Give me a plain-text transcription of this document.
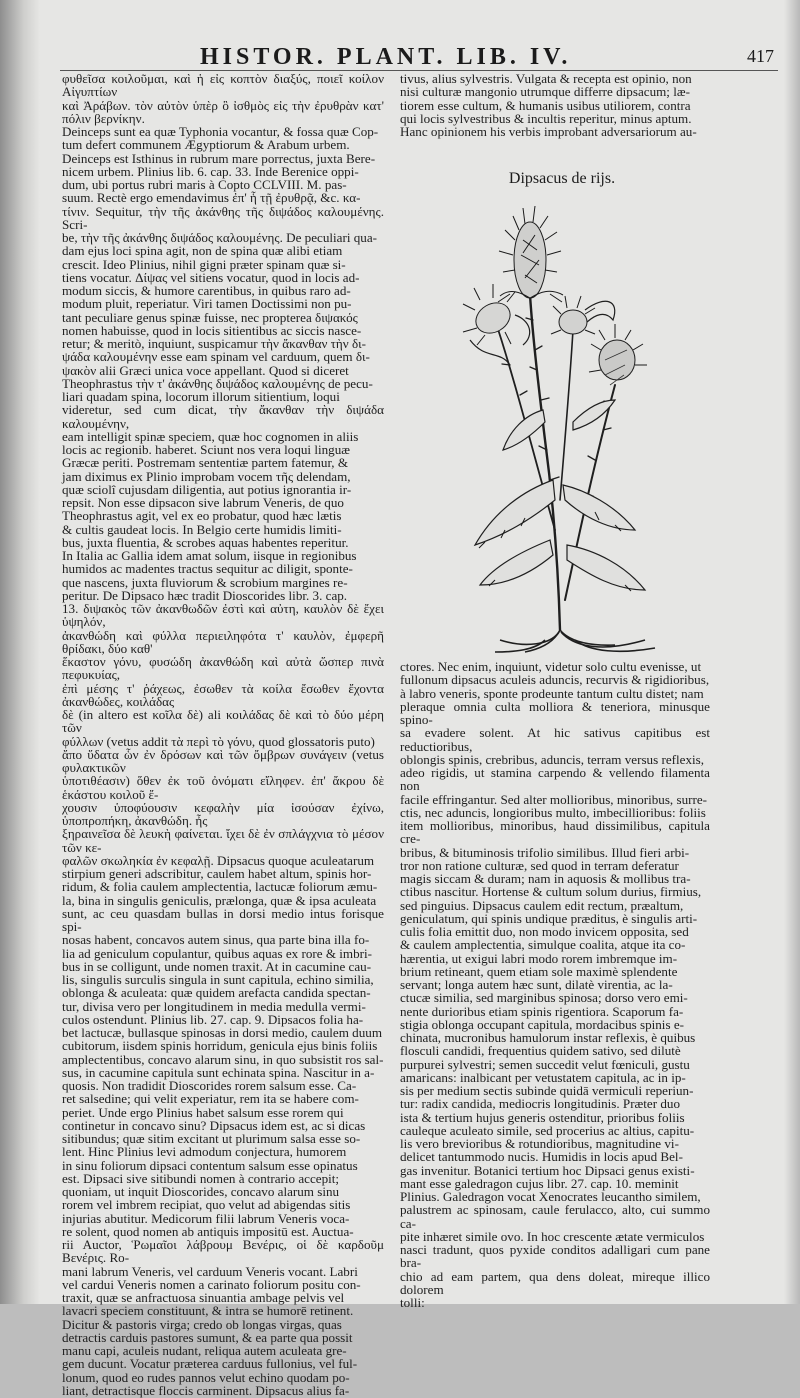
HISTOR. PLANT. LIB. IV.	417

φυθεῖσα κοιλοῦμαι, καὶ ἡ εἰς κοπτὸν διαξύς, ποιεῖ κοίλον Αἰγυπτίων

καὶ Ἀράβων. τὸν αὐτὸν ὑπὲρ ὃ ἰσθμὸς εἰς τὴν ἐρυθρὰν κατ' πόλιν βερνίκην.

Deinceps sunt ea quæ Typhonia vocantur, & fossa quæ Cop-

tum defert communem Ægyptiorum & Arabum urbem.

Deinceps est Isthinus in rubrum mare porrectus, juxta Bere-

nicem urbem. Plinius lib. 6. cap. 33. Inde Berenice oppi-

dum, ubi portus rubri maris à Copto CCLVIII. M. pas-

suum. Rectè ergo emendavimus ἐπ' ἧ τῇ ἐρυθρᾷ, &c. κα-

τίνιν. Sequitur, τὴν τῆς ἀκάνθης τῆς διψάδος καλουμένης. Scri-

be, τὴν τῆς ἀκάνθης διψάδος καλουμένης. De peculiari qua-

dam ejus loci spina agit, non de spina quæ alibi etiam

crescit. Ideo Plinius, nihil gigni præter spinam quæ si-

tiens vocatur. Δίψας vel sitiens vocatur, quod in locis ad-

modum siccis, & humore carentibus, in quibus raro ad-

modum pluit, reperiatur. Viri tamen Doctissimi non pu-

tant peculiare genus spinæ fuisse, nec propterea διψακός

nomen habuisse, quod in locis sitientibus ac siccis nasce-

retur; & meritò, inquiunt, suspicamur τὴν ἄκανθαν τὴν δι-

ψάδα καλουμένην esse eam spinam vel carduum, quem δι-

ψακὸν alii Græci unica voce appellant. Quod si diceret

Theophrastus τὴν τ' ἀκάνθης διψάδος καλουμένης de pecu-

liari quadam spina, locorum illorum sitientium, loqui

videretur, sed cum dicat, τὴν ἄκανθαν τὴν διψάδα καλουμένην,

eam intelligit spinæ speciem, quæ hoc cognomen in aliis

locis ac regionib. haberet. Sciunt nos vera loqui linguæ

Græcæ periti. Postremam sententiæ partem fatemur, &

jam diximus ex Plinio improbam vocem τῆς delendam,

quæ sciolî cujusdam diligentia, aut potius ignorantia ir-

repsit. Non esse dipsacon sive labrum Veneris, de quo

Theophrastus agit, vel ex eo probatur, quod hæc lætis

& cultis gaudeat locis. In Belgio certe humidis limiti-

bus, juxta fluentia, & scrobes aquas habentes reperitur.

In Italia ac Gallia idem amat solum, iisque in regionibus

humidos ac madentes tractus sequitur ac diligit, sponte-

que nascens, juxta fluviorum & scrobium margines re-

peritur. De Dipsaco hæc tradit Dioscorides libr. 3. cap.

13. διψακὸς τῶν ἀκανθωδῶν ἐστὶ καὶ αὐτη, καυλὸν δὲ ἔχει ὑψηλόν,

ἀκανθώδη καὶ φύλλα περιειληφότα τ' καυλὸν, ἐμφερῆ θρίδακι, δύο καθ'

ἕκαστον γόνυ, φυσώδη ἀκανθώδη καὶ αὐτὰ ὥσπερ πινὰ πεφυκυίας,

ἐπὶ μέσης τ' ῥάχεως, ἐσωθεν τὰ κοίλα ἔσωθεν ἔχοντα ἀκανθώδες, κοιλάδας

δὲ (in altero est κοῖλα δὲ) ali κοιλάδας δὲ καὶ τὸ δύο μέρη τῶν

φύλλων (vetus addit τὰ περὶ τὸ γόνυ, quod glossatoris puto)

ἄπο ὕδατα ὧν ἐν δρόσων καὶ τῶν ὄμβρων συνάγειν (vetus φυλακτικῶν

ὑποτιθέασιν) ὅθεν ἐκ τοῦ ὀνόματι εἴληφεν. ἐπ' ἄκρου δὲ ἑκάστου κοιλοῦ ἔ-

χουσιν ὑποφύουσιν κεφαλὴν μία ἰσούσαν ἐχίνω, ὑποπροπήκη, ἀκανθώδη. ἦς

ξηραινεῖσα δὲ λευκὴ φαίνεται. ἴχει δὲ ἐν σπλάγχνια τὸ μέσον τῶν κε-

φαλῶν σκωληκία ἐν κεφαλῇ. Dipsacus quoque aculeatarum

stirpium generi adscribitur, caulem habet altum, spinis hor-

ridum, & folia caulem amplectentia, lactucæ foliorum æmu-

la, bina in singulis geniculis, prælonga, quæ & ipsa aculeata

sunt, ac ceu quasdam bullas in dorsi medio intus forisque spi-

nosas habent, concavos autem sinus, qua parte bina illa fo-

lia ad geniculum copulantur, quibus aquas ex rore & imbri-

bus in se colligunt, unde nomen traxit. At in cacumine cau-

lis, singulis surculis singula in sunt capitula, echino similia,

oblonga & aculeata: quæ quidem arefacta candida spectan-

tur, divisa vero per longitudinem in media medulla vermi-

culos ostendunt. Plinius lib. 27. cap. 9. Dipsacos folia ha-

bet lactucæ, bullasque spinosas in dorsi medio, caulem duum

cubitorum, iisdem spinis horridum, genicula ejus binis foliis

amplectentibus, concavo alarum sinu, in quo subsistit ros sal-

sus, in cacumine capitula sunt echinata spina. Nascitur in a-

quosis. Non tradidit Dioscorides rorem salsum esse. Ca-

ret salsedine; qui velit experiatur, rem ita se habere com-

periet. Unde ergo Plinius habet salsum esse rorem qui

continetur in concavo sinu? Dipsacus idem est, ac si dicas

sitibundus; quæ sitim excitant ut plurimum salsa esse so-

lent. Hinc Plinius levi admodum conjectura, humorem

in sinu foliorum dipsaci contentum salsum esse opinatus

est. Dipsaci sive sitibundi nomen à contrario accepit;

quoniam, ut inquit Dioscorides, concavo alarum sinu

rorem vel imbrem recipiat, quo velut ad abigendas sitis

injurias abutitur. Medicorum filii labrum Veneris voca-

re solent, quod nomen ab antiquis impositū est. Auctua-

rii Auctor, Ῥωμαῖοι λάβρουμ Βενέρις, οἱ δὲ καρδοῦμ Βενέρις. Ro-

mani labrum Veneris, vel carduum Veneris vocant. Labri

vel cardui Veneris nomen a carinato foliorum positu con-

traxit, quæ se anfractuosa sinuantia ambage pelvis vel

lavacri speciem constituunt, & intra se humorē retinent.

Dicitur & pastoris virga; credo ob longas virgas, quas

detractis carduis pastores sumunt, & ea parte qua possit

manu capi, aculeis nudant, reliqua autem aculeata gre-

gem ducunt. Vocatur præterea carduus fullonius, vel ful-

lonum, quod eo rudes pannos velut echino quodam po-

liant, detractisque floccis carminent. Dipsacus alius fa-

tivus, alius sylvestris. Vulgata & recepta est opinio, non

nisi culturæ mangonio utrumque differre dipsacum; læ-

tiorem esse cultum, & humanis usibus utiliorem, contra

qui locis sylvestribus & incultis reperitur, minus aptum.

Hanc opinionem his verbis improbant adversariorum au-

Dipsacus de rijs.

ctores. Nec enim, inquiunt, videtur solo cultu evenisse, ut

fullonum dipsacus aculeis aduncis, recurvis & rigidioribus,

à labro veneris, sponte prodeunte tantum cultu distet; nam

pleraque omnia culta molliora & teneriora, minusque spino-

sa evadere solent. At hic sativus capitibus est reductioribus,

oblongis spinis, crebribus, aduncis, terram versus reflexis,

adeo rigidis, ut stamina carpendo & vellendo filamenta non

facile effringantur. Sed alter mollioribus, minoribus, surre-

ctis, nec aduncis, longioribus multo, imbecillioribus: foliis

item mollioribus, minoribus, haud dissimilibus, capitula cre-

bribus, & bituminosis trifolio similibus. Illud fieri arbi-

tror non ratione culturæ, sed quod in terram deferatur

magis siccam & duram; nam in aquosis & mollibus tra-

ctibus nascitur. Hortense & cultum solum durius, firmius,

sed pinguius. Dipsacus caulem edit rectum, præaltum,

geniculatum, qui spinis undique præditus, è singulis arti-

culis folia emittit duo, non modo invicem opposita, sed

& caulem amplectentia, simulque coalita, atque ita co-

hærentia, ut exigui labri modo rorem imbremque im-

brium retineant, quem etiam sole maximè splendente

servant; longa autem hæc sunt, dilatè virentia, ac la-

ctucæ similia, sed marginibus spinosa; dorso vero emi-

nente durioribus etiam spinis rigentiora. Scaporum fa-

stigia oblonga occupant capitula, mordacibus spinis e-

chinata, mucronibus hamulorum instar reflexis, è quibus

flosculi candidi, frequentius quidem sativo, sed dilutè

purpurei sylvestri; semen succedit velut fœniculi, gustu

amaricans: inalbicant per vetustatem capitula, ac in ip-

sis per medium sectis subinde quidā vermiculi reperiun-

tur: radix candida, mediocris longitudinis. Præter duo

ista & tertium hujus generis ostenditur, prioribus foliis

cauleque aculeato simile, sed procerius ac altius, capitu-

lis vero brevioribus & rotundioribus, magnitudine vi-

delicet tantummodo nucis. Humidis in locis apud Bel-

gas invenitur. Botanici tertium hoc Dipsaci genus existi-

mant esse galedragon cujus libr. 27. cap. 10. meminit

Plinius. Galedragon vocat Xenocrates leucantho similem,

palustrem ac spinosam, caule ferulacco, alto, cui summo ca-

pite inhæret simile ovo. In hoc crescente ætate vermiculos

nasci tradunt, quos pyxide conditos adalligari cum pane bra-

chio ad eam partem, qua dens doleat, mireque illico dolorem

tolli:
